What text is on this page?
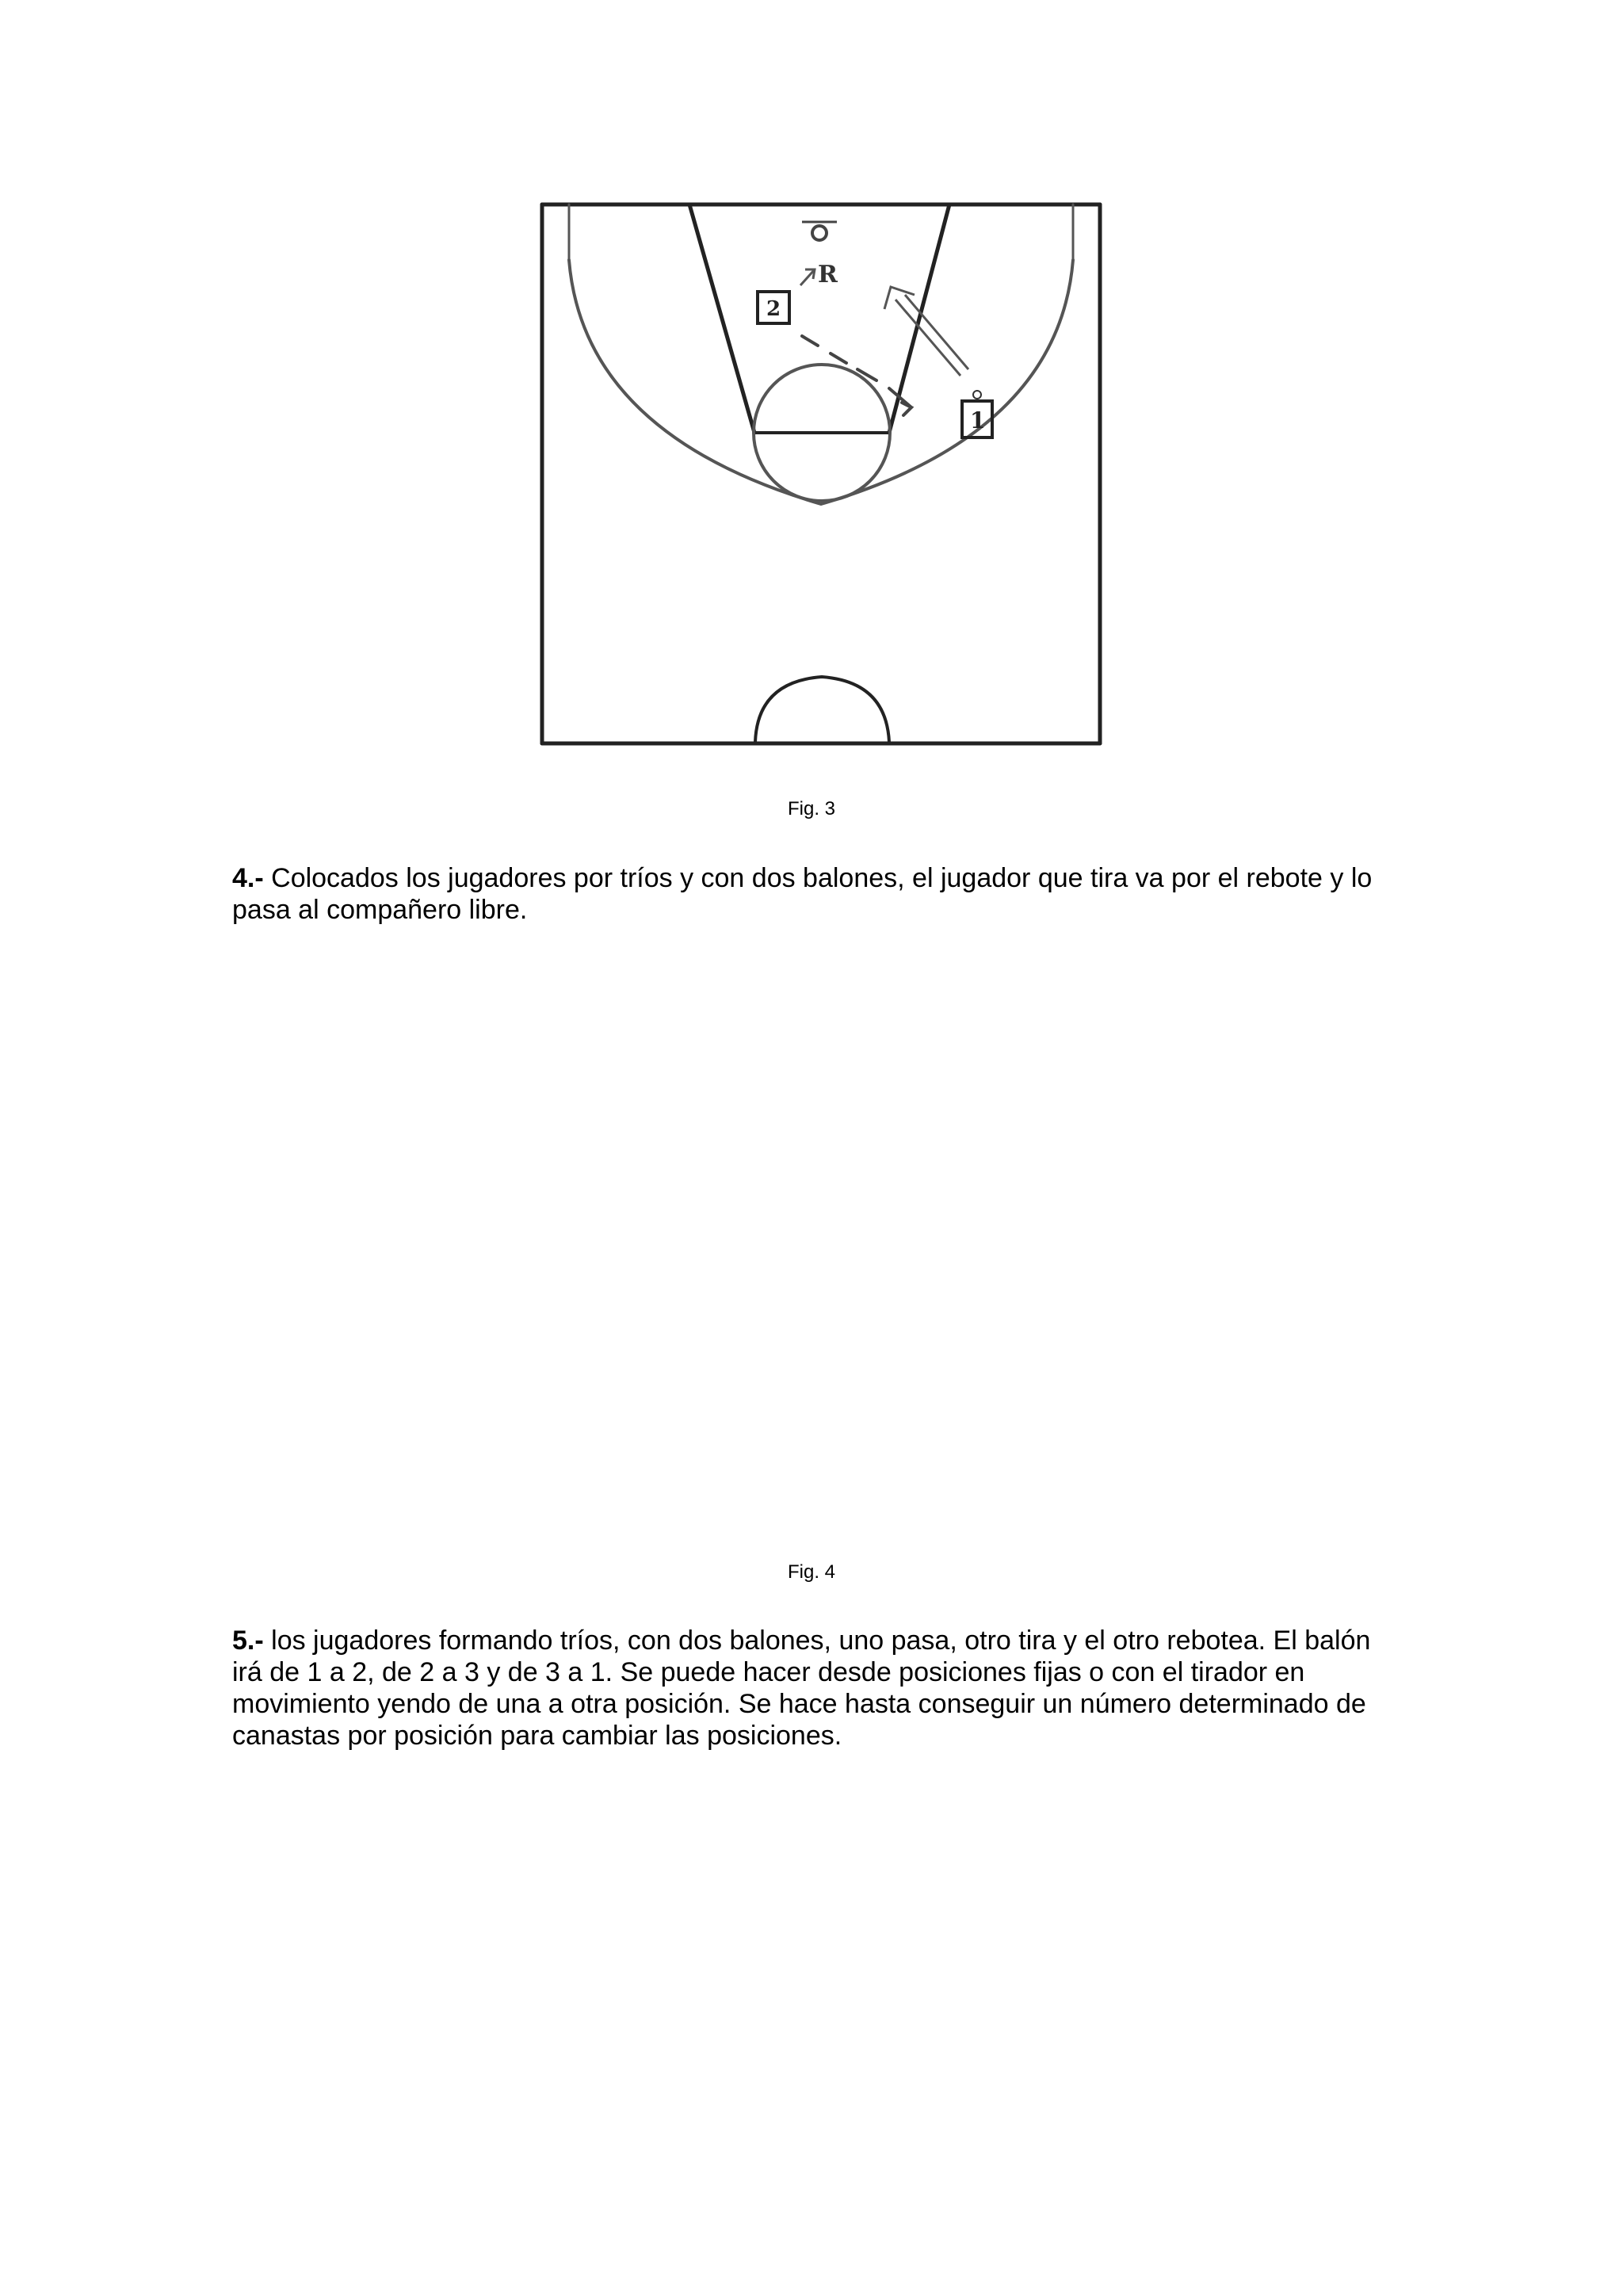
R
2
1
Fig. 3
4.- Colocados los jugadores por tríos y con dos balones, el jugador que tira va por el rebote y lo pasa al compañero libre.
Fig. 4
5.- los jugadores formando tríos, con dos balones, uno pasa, otro tira y el otro rebotea. El balón irá de 1 a 2, de 2 a 3 y de 3 a 1. Se puede hacer desde posiciones fijas o con el tirador en movimiento yendo de una a otra posición. Se hace hasta conseguir un número determinado de canastas por posición para cambiar las posiciones.
